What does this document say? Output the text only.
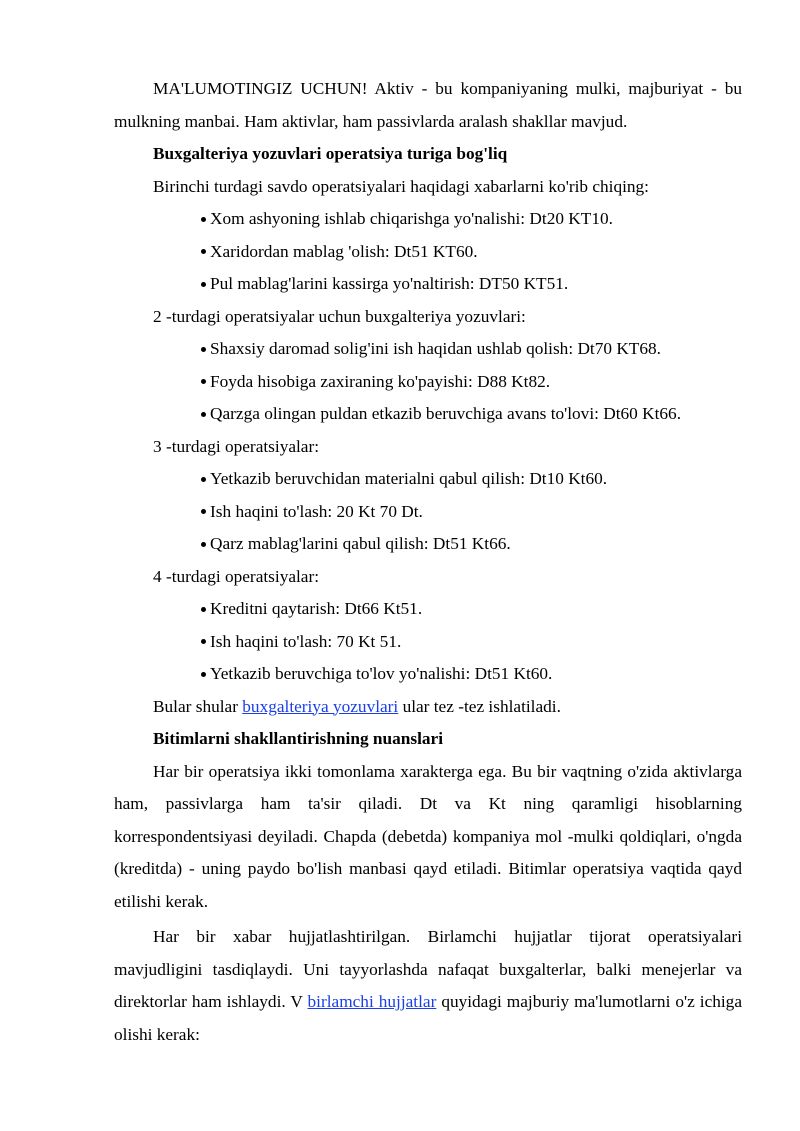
MA'LUMOTINGIZ UCHUN! Aktiv - bu kompaniyaning mulki, majburiyat - bu mulkning manbai. Ham aktivlar, ham passivlarda aralash shakllar mavjud.

Buxgalteriya yozuvlari operatsiya turiga bog'liq

Birinchi turdagi savdo operatsiyalari haqidagi xabarlarni ko'rib chiqing:

Xom ashyoning ishlab chiqarishga yo'nalishi: Dt20 KT10.
Xaridordan mablag 'olish: Dt51 KT60.
Pul mablag'larini kassirga yo'naltirish: DT50 KT51.

2 -turdagi operatsiyalar uchun buxgalteriya yozuvlari:

Shaxsiy daromad solig'ini ish haqidan ushlab qolish: Dt70 KT68.
Foyda hisobiga zaxiraning ko'payishi: D88 Kt82.
Qarzga olingan puldan etkazib beruvchiga avans to'lovi: Dt60 Kt66.

3 -turdagi operatsiyalar:

Yetkazib beruvchidan materialni qabul qilish: Dt10 Kt60.
Ish haqini to'lash: 20 Kt 70 Dt.
Qarz mablag'larini qabul qilish: Dt51 Kt66.

4 -turdagi operatsiyalar:

Kreditni qaytarish: Dt66 Kt51.
Ish haqini to'lash: 70 Kt 51.
Yetkazib beruvchiga to'lov yo'nalishi: Dt51 Kt60.

Bular shular buxgalteriya yozuvlari ular tez -tez ishlatiladi.

Bitimlarni shakllantirishning nuanslari

Har bir operatsiya ikki tomonlama xarakterga ega. Bu bir vaqtning o'zida aktivlarga ham, passivlarga ham ta'sir qiladi. Dt va Kt ning qaramligi hisoblarning korrespondentsiyasi deyiladi. Chapda (debetda) kompaniya mol -mulki qoldiqlari, o'ngda (kreditda) - uning paydo bo'lish manbasi qayd etiladi. Bitimlar operatsiya vaqtida qayd etilishi kerak.

Har bir xabar hujjatlashtirilgan. Birlamchi hujjatlar tijorat operatsiyalari mavjudligini tasdiqlaydi. Uni tayyorlashda nafaqat buxgalterlar, balki menejerlar va direktorlar ham ishlaydi. V birlamchi hujjatlar quyidagi majburiy ma'lumotlarni o'z ichiga olishi kerak:
